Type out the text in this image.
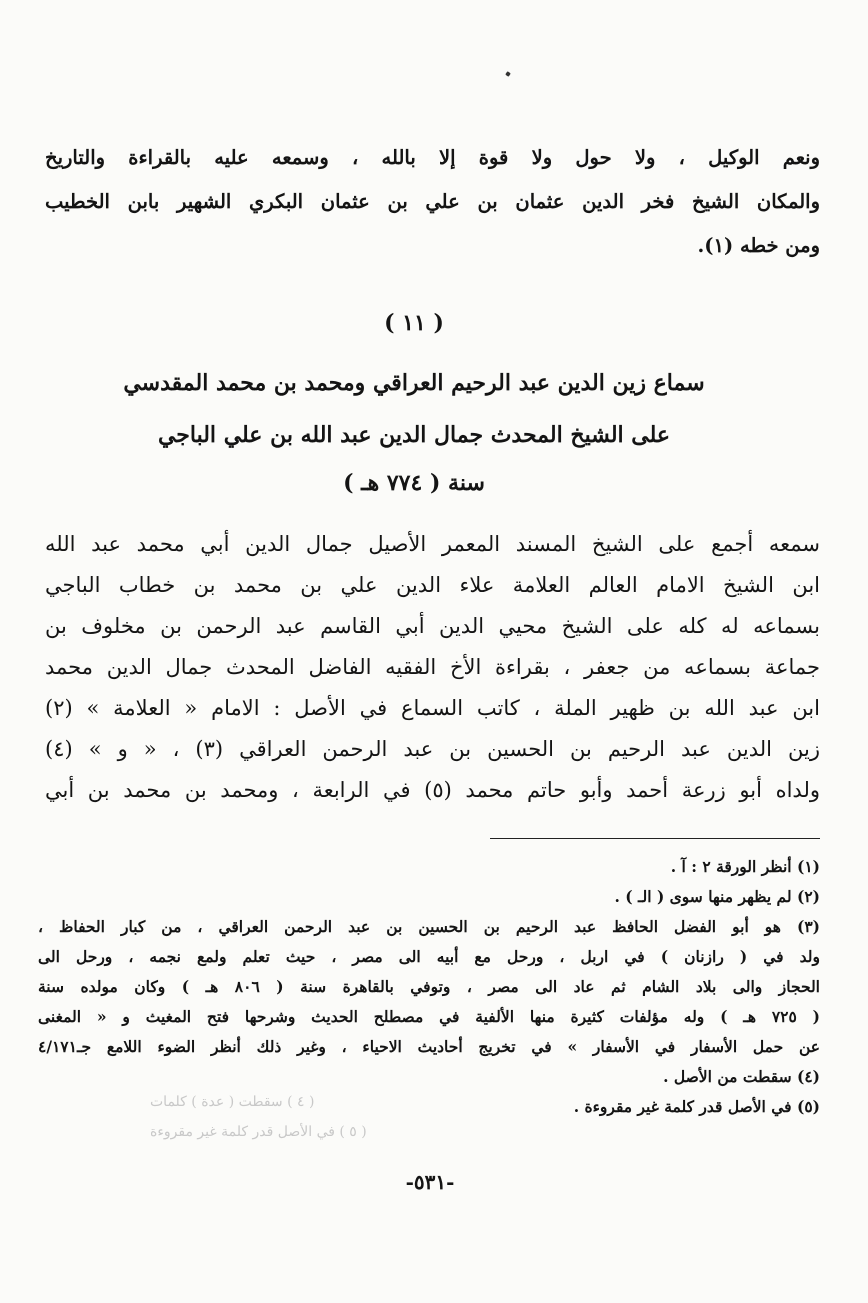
ونعم الوكيل ، ولا حول ولا قوة إلا بالله ، وسمعه عليه بالقراءة والتاريخ
والمكان الشيخ فخر الدين عثمان بن علي بن عثمان البكري الشهير بابن الخطيب
ومن خطه (١).

( ١١ )

سماع زين الدين عبد الرحيم العراقي ومحمد بن محمد المقدسي
على الشيخ المحدث جمال الدين عبد الله بن علي الباجي
سنة ( ٧٧٤ هـ )

سمعه أجمع على الشيخ المسند المعمر الأصيل جمال الدين أبي محمد عبد الله
ابن الشيخ الامام العالم العلامة علاء الدين علي بن محمد بن خطاب الباجي
بسماعه له كله على الشيخ محيي الدين أبي القاسم عبد الرحمن بن مخلوف بن
جماعة بسماعه من جعفر ، بقراءة الأخ الفقيه الفاضل المحدث جمال الدين محمد
ابن عبد الله بن ظهير الملة ، كاتب السماع في الأصل : الامام « العلامة » (٢)
زين الدين عبد الرحيم بن الحسين بن عبد الرحمن العراقي (٣) ، « و » (٤)
ولداه أبو زرعة أحمد وأبو حاتم محمد (٥) في الرابعة ، ومحمد بن محمد بن أبي

(١) أنظر الورقة ٢ : آ .
(٢) لم يظهر منها سوى ( الـ ) .
(٣) هو أبو الفضل الحافظ عبد الرحيم بن الحسين بن عبد الرحمن العراقي ، من كبار الحفاظ ،
ولد في ( رازنان ) في اربل ، ورحل مع أبيه الى مصر ، حيث تعلم ولمع نجمه ، ورحل الى
الحجاز والى بلاد الشام ثم عاد الى مصر ، وتوفي بالقاهرة سنة ( ٨٠٦ هـ ) وكان مولده سنة
( ٧٢٥ هـ ) وله مؤلفات كثيرة منها الألفية في مصطلح الحديث وشرحها فتح المغيث و « المغنى
عن حمل الأسفار في الأسفار » في تخريج أحاديث الاحياء ، وغير ذلك أنظر الضوء اللامع جـ٤/١٧١
(٤) سقطت من الأصل .
(٥) في الأصل قدر كلمة غير مقروءة .
( ٤ ) سقطت ( عدة ) كلمات
( ٥ ) في الأصل قدر كلمة غير مقروءة
-٥٣١-
